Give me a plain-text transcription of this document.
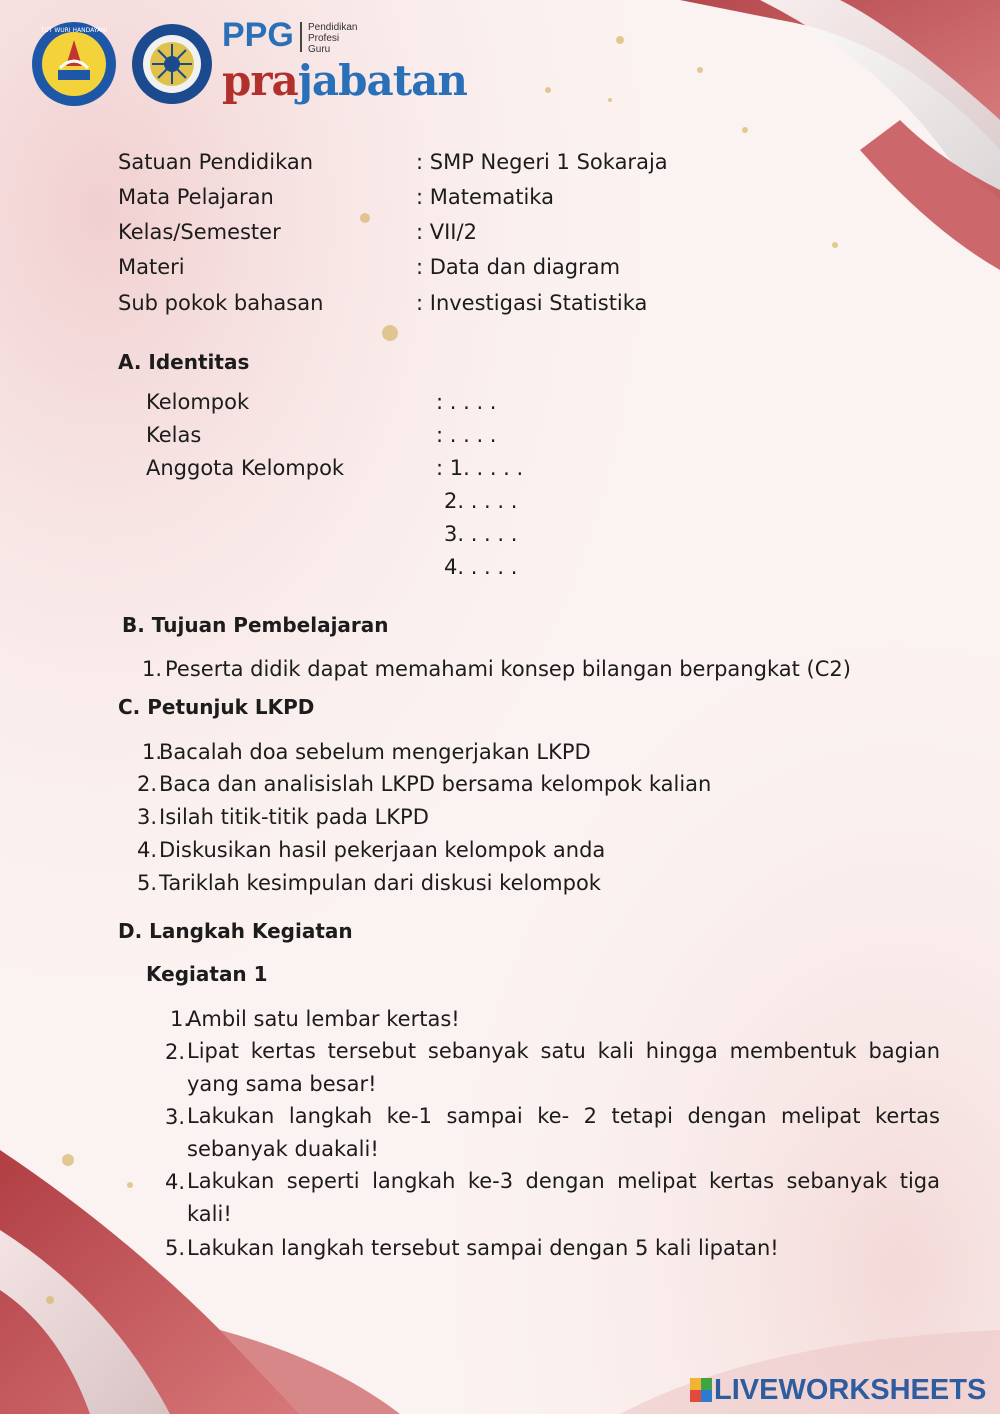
TUT WURI HANDAYANI	PPG Pendidikan
Profesi
Guru
prajabatan
Satuan Pendidikan	: SMP Negeri 1 Sokaraja
Mata Pelajaran	: Matematika
Kelas/Semester	: VII/2
Materi	: Data dan diagram
Sub pokok bahasan	: Investigasi Statistika
A. Identitas
Kelompok	: . . . .
Kelas	: . . . .
Anggota Kelompok	: 1. . . . .
2. . . . .
3. . . . .
4. . . . .
B. Tujuan Pembelajaran
1. Peserta didik dapat memahami konsep bilangan berpangkat (C2)
C. Petunjuk LKPD
1.
Bacalah doa sebelum mengerjakan LKPD
2. Baca dan analisislah LKPD bersama kelompok kalian
3. Isilah titik-titik pada LKPD
4. Diskusikan hasil pekerjaan kelompok anda
5. Tariklah kesimpulan dari diskusi kelompok
D. Langkah Kegiatan
Kegiatan 1
1.
Ambil satu lembar kertas!
2. Lipat kertas tersebut sebanyak satu kali hingga membentuk bagian
yang sama besar!
3. Lakukan langkah ke-1 sampai ke- 2 tetapi dengan melipat kertas
sebanyak duakali!
4. Lakukan seperti langkah ke-3 dengan melipat kertas sebanyak tiga
kali!
5. Lakukan langkah tersebut sampai dengan 5 kali lipatan!
LIVEWORKSHEETS
